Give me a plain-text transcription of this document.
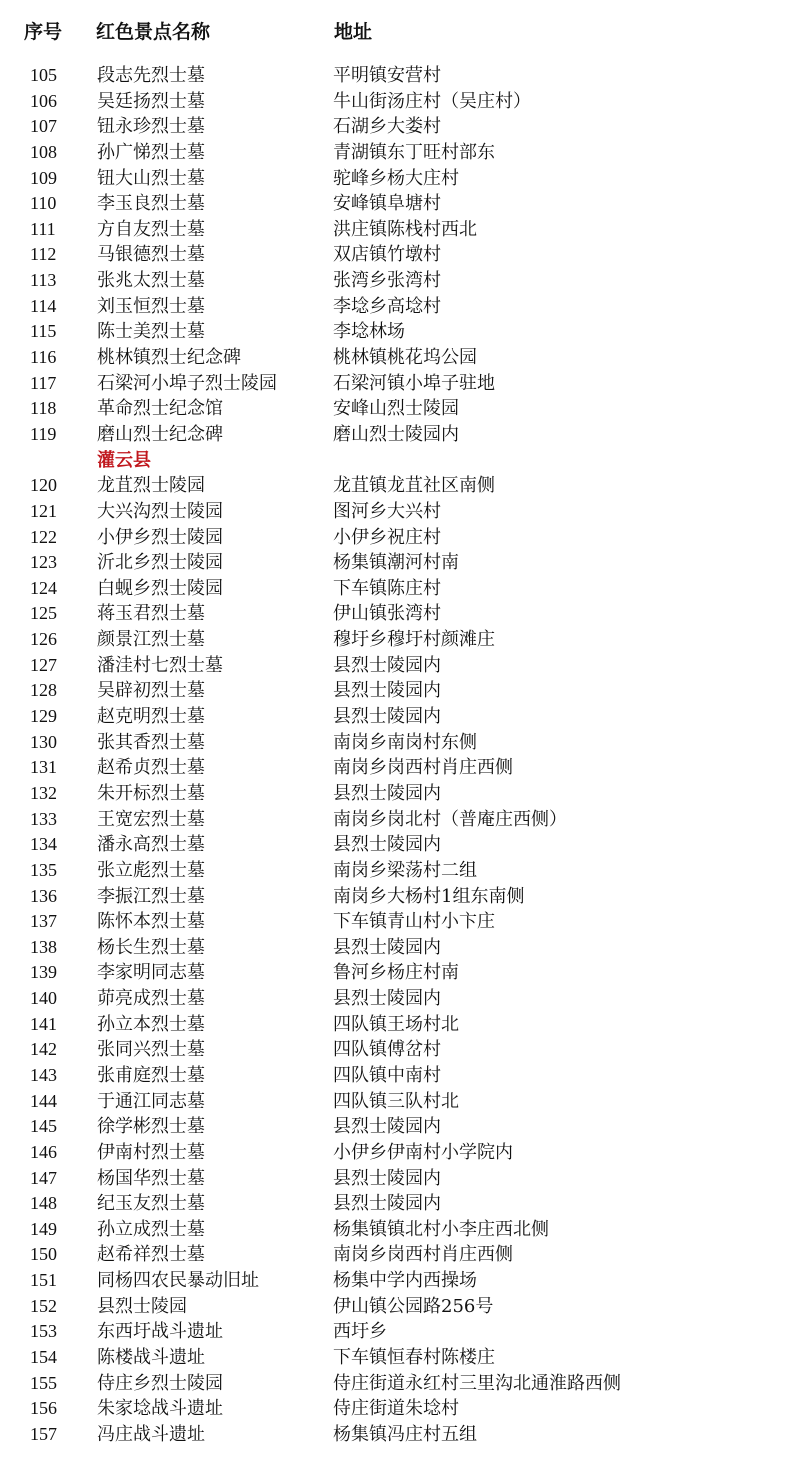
序号 红色景点名称	地址
105 段志先烈士墓	平明镇安营村
106 吴廷扬烈士墓	牛山街汤庄村（吴庄村）
107 钮永珍烈士墓	石湖乡大娄村
108 孙广悌烈士墓	青湖镇东丁旺村部东
109 钮大山烈士墓	驼峰乡杨大庄村
110 李玉良烈士墓	安峰镇阜塘村
111 方自友烈士墓	洪庄镇陈栈村西北
112 马银德烈士墓	双店镇竹墩村
113 张兆太烈士墓	张湾乡张湾村
114 刘玉恒烈士墓	李埝乡高埝村
115 陈士美烈士墓	李埝林场
116 桃林镇烈士纪念碑	桃林镇桃花坞公园
117 石梁河小埠子烈士陵园	石梁河镇小埠子驻地
118 革命烈士纪念馆	安峰山烈士陵园
119 磨山烈士纪念碑	磨山烈士陵园内
灌云县
120 龙苴烈士陵园	龙苴镇龙苴社区南侧
121 大兴沟烈士陵园	图河乡大兴村
122 小伊乡烈士陵园	小伊乡祝庄村
123 沂北乡烈士陵园	杨集镇潮河村南
124 白蚬乡烈士陵园	下车镇陈庄村
125 蒋玉君烈士墓	伊山镇张湾村
126 颜景江烈士墓	穆圩乡穆圩村颜滩庄
127 潘洼村七烈士墓	县烈士陵园内
128 吴辟初烈士墓	县烈士陵园内
129 赵克明烈士墓	县烈士陵园内
130 张其香烈士墓	南岗乡南岗村东侧
131 赵希贞烈士墓	南岗乡岗西村肖庄西侧
132 朱开标烈士墓	县烈士陵园内
133 王宽宏烈士墓	南岗乡岗北村（普庵庄西侧）
134 潘永高烈士墓	县烈士陵园内
135 张立彪烈士墓	南岗乡梁荡村二组
136 李振江烈士墓	南岗乡大杨村1组东南侧
137 陈怀本烈士墓	下车镇青山村小卞庄
138 杨长生烈士墓	县烈士陵园内
139 李家明同志墓	鲁河乡杨庄村南
140 茆亮成烈士墓	县烈士陵园内
141 孙立本烈士墓	四队镇王场村北
142 张同兴烈士墓	四队镇傅岔村
143 张甫庭烈士墓	四队镇中南村
144 于通江同志墓	四队镇三队村北
145 徐学彬烈士墓	县烈士陵园内
146 伊南村烈士墓	小伊乡伊南村小学院内
147 杨国华烈士墓	县烈士陵园内
148 纪玉友烈士墓	县烈士陵园内
149 孙立成烈士墓	杨集镇镇北村小李庄西北侧
150 赵希祥烈士墓	南岗乡岗西村肖庄西侧
151 同杨四农民暴动旧址	杨集中学内西操场
152 县烈士陵园	伊山镇公园路256号
153 东西圩战斗遗址	西圩乡
154 陈楼战斗遗址	下车镇恒春村陈楼庄
155 侍庄乡烈士陵园	侍庄街道永红村三里沟北通淮路西侧
156 朱家埝战斗遗址	侍庄街道朱埝村
157 冯庄战斗遗址	杨集镇冯庄村五组
